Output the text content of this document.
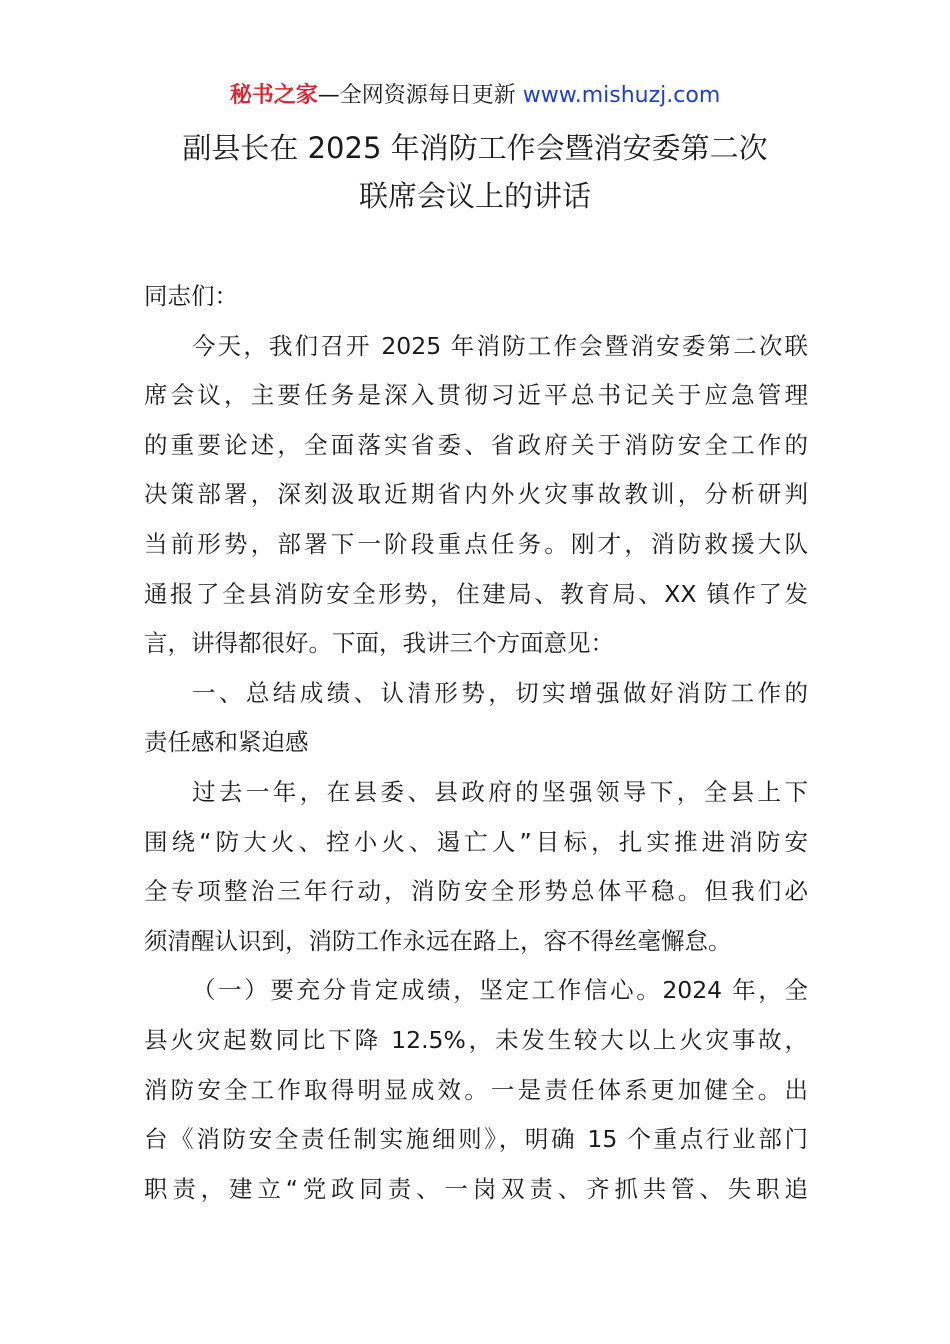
秘书之家—全网资源每日更新 www.mishuzj.com
副县长在 2025 年消防工作会暨消安委第二次
联席会议上的讲话
同志们：
今天，我们召开 2025 年消防工作会暨消安委第二次联
席会议，主要任务是深入贯彻习近平总书记关于应急管理
的重要论述，全面落实省委、省政府关于消防安全工作的
决策部署，深刻汲取近期省内外火灾事故教训，分析研判
当前形势，部署下一阶段重点任务。刚才，消防救援大队
通报了全县消防安全形势，住建局、教育局、XX 镇作了发
言，讲得都很好。下面，我讲三个方面意见：
一、总结成绩、认清形势，切实增强做好消防工作的
责任感和紧迫感
过去一年，在县委、县政府的坚强领导下，全县上下
围绕“防大火、控小火、遏亡人”目标，扎实推进消防安
全专项整治三年行动，消防安全形势总体平稳。但我们必
须清醒认识到，消防工作永远在路上，容不得丝毫懈怠。
（一）要充分肯定成绩，坚定工作信心。2024 年，全
县火灾起数同比下降 12.5%，未发生较大以上火灾事故，
消防安全工作取得明显成效。一是责任体系更加健全。出
台《消防安全责任制实施细则》，明确 15 个重点行业部门
职责，建立“党政同责、一岗双责、齐抓共管、失职追
